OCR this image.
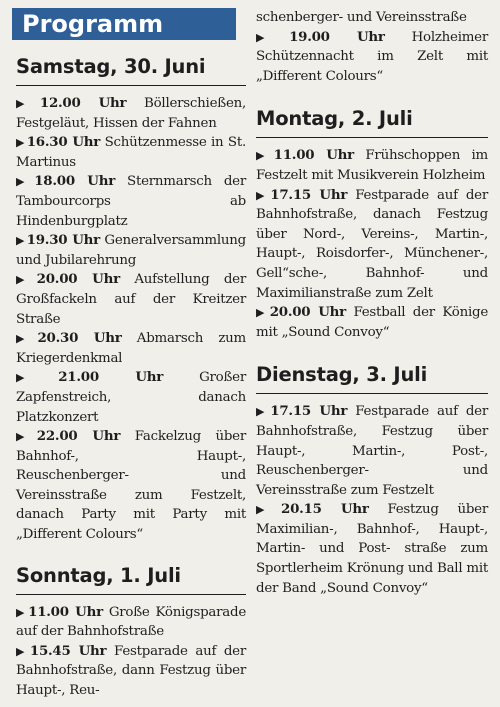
Programm
Samstag, 30. Juni

▶ 12.00 Uhr Böllerschießen, Festgeläut, Hissen der Fahnen

▶ 16.30 Uhr Schützenmesse in St. Martinus

▶ 18.00 Uhr Sternmarsch der Tambourcorps ab Hindenburgplatz

▶ 19.30 Uhr Generalversammlung und Jubilarehrung

▶ 20.00 Uhr Aufstellung der Großfackeln auf der Kreitzer Straße

▶ 20.30 Uhr Abmarsch zum Kriegerdenkmal

▶ 21.00 Uhr	Großer Zapfenstreich, danach Platzkonzert

▶ 22.00 Uhr Fackelzug über Bahnhof-, Haupt-, Reuschenberger- und Vereinsstraße zum Festzelt, danach Party mit Party mit „Different Colours“

Sonntag, 1. Juli

▶ 11.00 Uhr Große Königsparade auf der Bahnhofstraße

▶ 15.45 Uhr Festparade auf der Bahnhofstraße, dann Festzug über Haupt-, Reu-

schenberger- und Vereinsstraße

▶ 19.00 Uhr Holzheimer Schützennacht im Zelt mit „Different Colours“

Montag, 2. Juli

▶ 11.00 Uhr Frühschoppen im Festzelt mit Musikverein Holzheim

▶ 17.15 Uhr Festparade auf der Bahnhofstraße, danach Festzug über Nord-, Vereins-, Martin-, Haupt-, Roisdorfer-, Münchener-, Gell“sche-, Bahnhof- und Maximilianstraße zum Zelt

▶ 20.00 Uhr Festball der Könige mit „Sound Convoy“

Dienstag, 3. Juli

▶ 17.15 Uhr Festparade auf der Bahnhofstraße, Festzug über Haupt-, Martin-, Post-, Reuschenberger- und Vereinsstraße zum Festzelt

▶ 20.15 Uhr Festzug über Maximilian-, Bahnhof-, Haupt-, Martin- und Post- straße zum Sportlerheim Krönung und Ball mit der Band „Sound Convoy“
